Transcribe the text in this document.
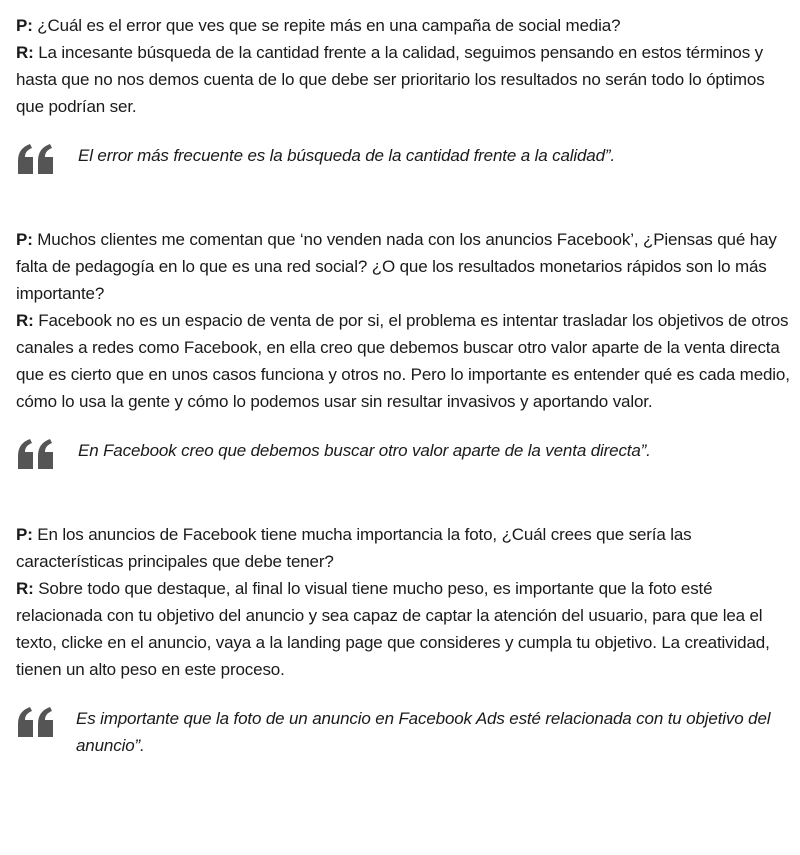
P: ¿Cuál es el error que ves que se repite más en una campaña de social media?

R: La incesante búsqueda de la cantidad frente a la calidad, seguimos pensando en estos términos y hasta que no nos demos cuenta de lo que debe ser prioritario los resultados no serán todo lo óptimos que podrían ser.

El error más frecuente es la búsqueda de la cantidad frente a la calidad”.

P: Muchos clientes me comentan que ‘no venden nada con los anuncios Facebook’, ¿Piensas qué hay falta de pedagogía en lo que es una red social? ¿O que los resultados monetarios rápidos son lo más importante?

R: Facebook no es un espacio de venta de por si, el problema es intentar trasladar los objetivos de otros canales a redes como Facebook, en ella creo que debemos buscar otro valor aparte de la venta directa que es cierto que en unos casos funciona y otros no. Pero lo importante es entender qué es cada medio, cómo lo usa la gente y cómo lo podemos usar sin resultar invasivos y aportando valor.

En Facebook creo que debemos buscar otro valor aparte de la venta directa”.

P: En los anuncios de Facebook tiene mucha importancia la foto, ¿Cuál crees que sería las características principales que debe tener?

R: Sobre todo que destaque, al final lo visual tiene mucho peso, es importante que la foto esté relacionada con tu objetivo del anuncio y sea capaz de captar la atención del usuario, para que lea el texto, clicke en el anuncio, vaya a la landing page que consideres y cumpla tu objetivo. La creatividad, tienen un alto peso en este proceso.

Es importante que la foto de un anuncio en Facebook Ads esté relacionada con tu objetivo del anuncio”.
